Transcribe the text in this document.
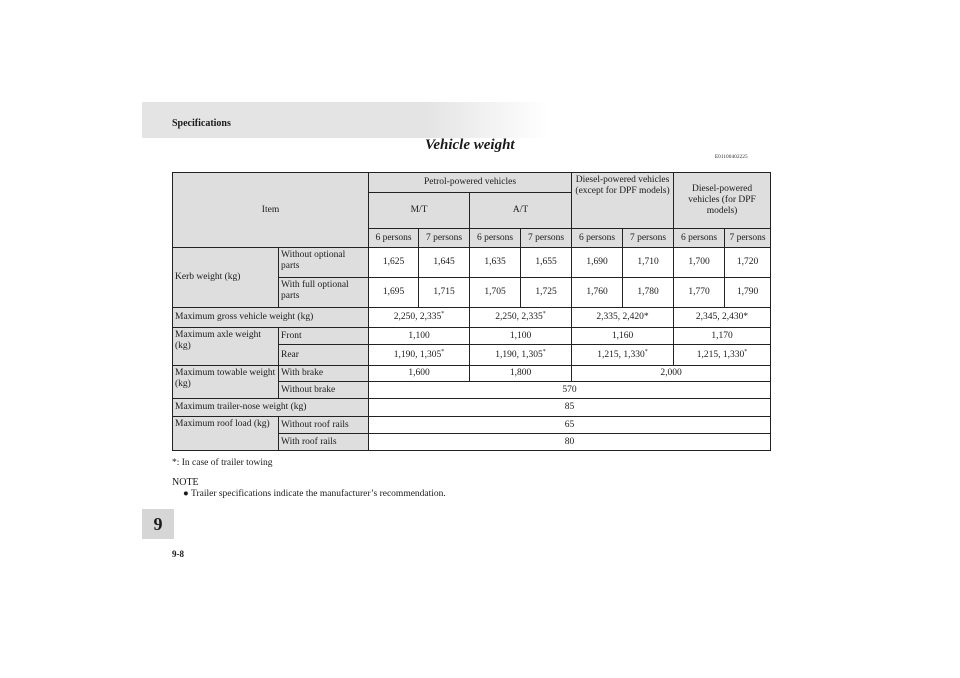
Specifications
Vehicle weight
E01100402225
Item		Petrol-powered vehicles				Diesel-powered vehicles (except for DPF models)		Diesel-powered vehicles (for DPF models)	
		M/T		A/T					
		6 persons	7 persons	6 persons	7 persons	6 persons	7 persons	6 persons	7 persons
Kerb weight (kg)	Without optional parts	1,625	1,645	1,635	1,655	1,690	1,710	1,700	1,720
	With full optional parts	1,695	1,715	1,705	1,725	1,760	1,780	1,770	1,790
Maximum gross vehicle weight (kg)		2,250, 2,335*		2,250, 2,335*		2,335, 2,420*		2,345, 2,430*	
Maximum axle weight (kg)	Front	1,100		1,100		1,160		1,170	
	Rear	1,190, 1,305*		1,190, 1,305*		1,215, 1,330*		1,215, 1,330*
Maximum towable weight (kg)	With brake	1,600		1,800		2,000			
	Without brake	570							
Maximum trailer-nose weight (kg)		85							
Maximum roof load (kg)	Without roof rails	65							
	With roof rails	80							
*: In case of trailer towing
NOTE
● Trailer specifications indicate the manufacturer’s recommendation.
9
9-8
